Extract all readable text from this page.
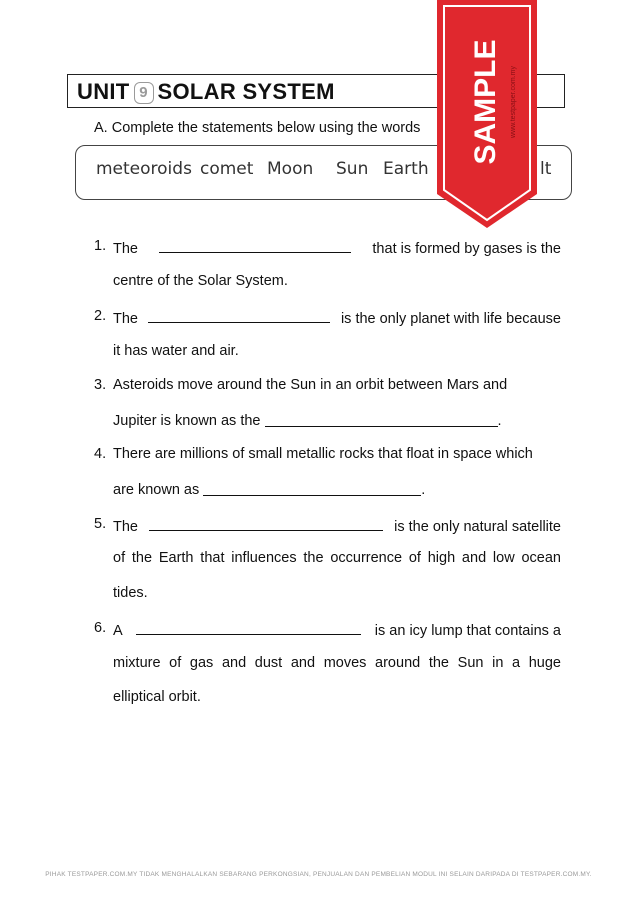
UNIT 9 SOLAR SYSTEM
A. Complete the statements below using the words
meteoroids comet Moon Sun Earth	lt
1. The	that is formed by gases is the
centre of the Solar System.
2. The	is the only planet with life because
it has water and air.
3. Asteroids move around the Sun in an orbit between Mars and
Jupiter is known as the	.
4. There are millions of small metallic rocks that float in space which
are known as	.
5. The	is the only natural satellite
of the Earth that influences the occurrence of high and low ocean
tides.
6. A	is an icy lump that contains a
mixture of gas and dust and moves around the Sun in a huge
elliptical orbit.
SAMPLE www.testpaper.com.my
PIHAK TESTPAPER.COM.MY TIDAK MENGHALALKAN SEBARANG PERKONGSIAN, PENJUALAN DAN PEMBELIAN MODUL INI SELAIN DARIPADA DI TESTPAPER.COM.MY.
